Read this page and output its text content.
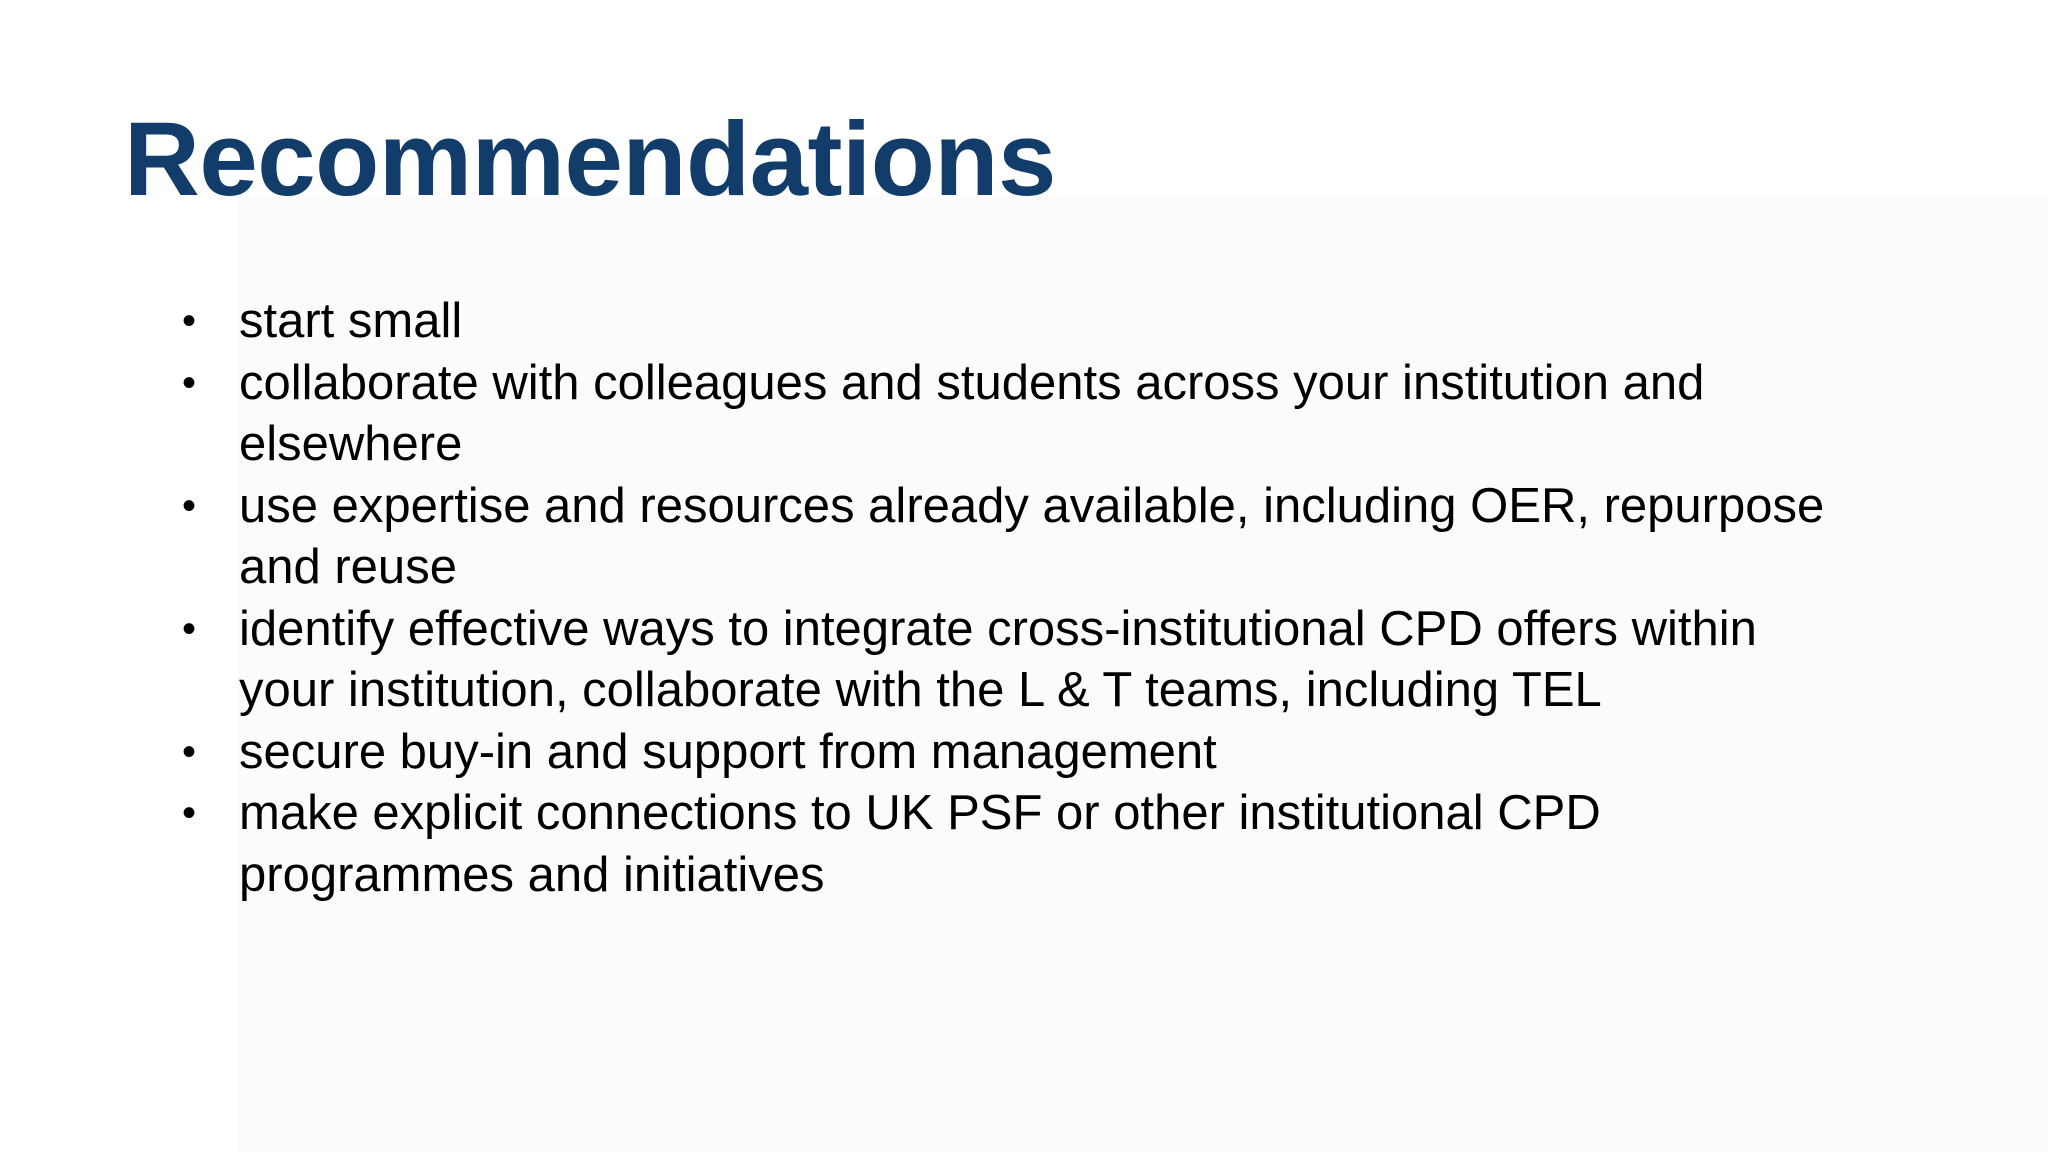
Recommendations
• start small
• collaborate with colleagues and students across your institution and
elsewhere
• use expertise and resources already available, including OER, repurpose
and reuse
• identify effective ways to integrate cross-institutional CPD offers within
your institution, collaborate with the L & T teams, including TEL
• secure buy-in and support from management
• make explicit connections to UK PSF or other institutional CPD
programmes and initiatives
